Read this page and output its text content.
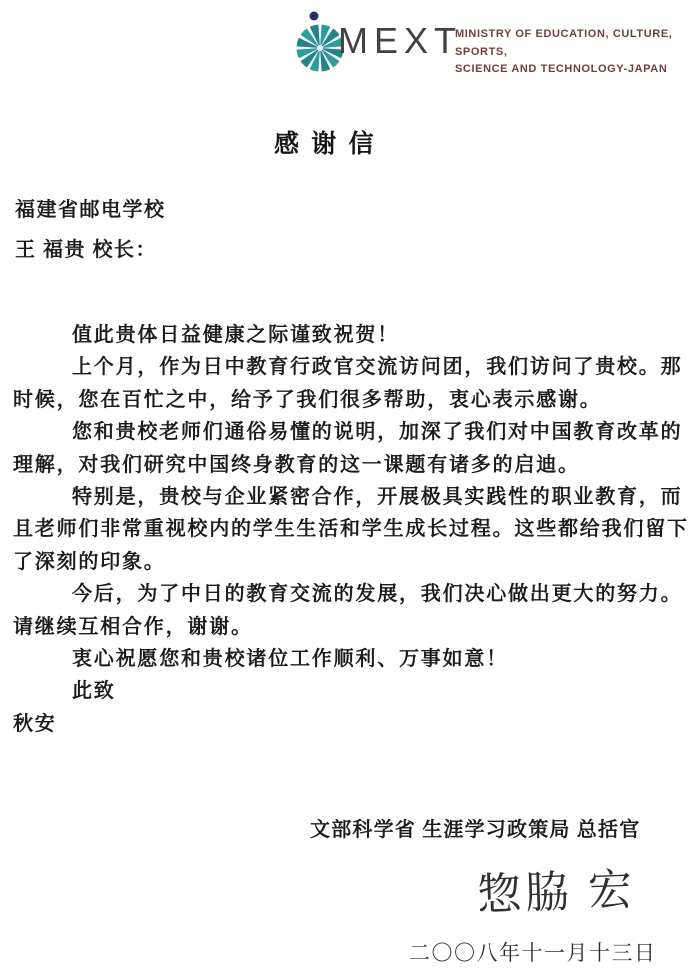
MEXT
MINISTRY OF EDUCATION, CULTURE, SPORTS,
SCIENCE AND TECHNOLOGY-JAPAN
感 谢 信
福建省邮电学校
王 福贵 校长：
值此贵体日益健康之际谨致祝贺！
上个月，作为日中教育行政官交流访问团，我们访问了贵校。那
时候，您在百忙之中，给予了我们很多帮助，衷心表示感谢。
您和贵校老师们通俗易懂的说明，加深了我们对中国教育改革的
理解，对我们研究中国终身教育的这一课题有诸多的启迪。
特别是，贵校与企业紧密合作，开展极具实践性的职业教育，而
且老师们非常重视校内的学生生活和学生成长过程。这些都给我们留下
了深刻的印象。
今后，为了中日的教育交流的发展，我们决心做出更大的努力。
请继续互相合作，谢谢。
衷心祝愿您和贵校诸位工作顺利、万事如意！
此致
秋安
文部科学省 生涯学习政策局 总括官
惣脇 宏
二〇〇八年十一月十三日
